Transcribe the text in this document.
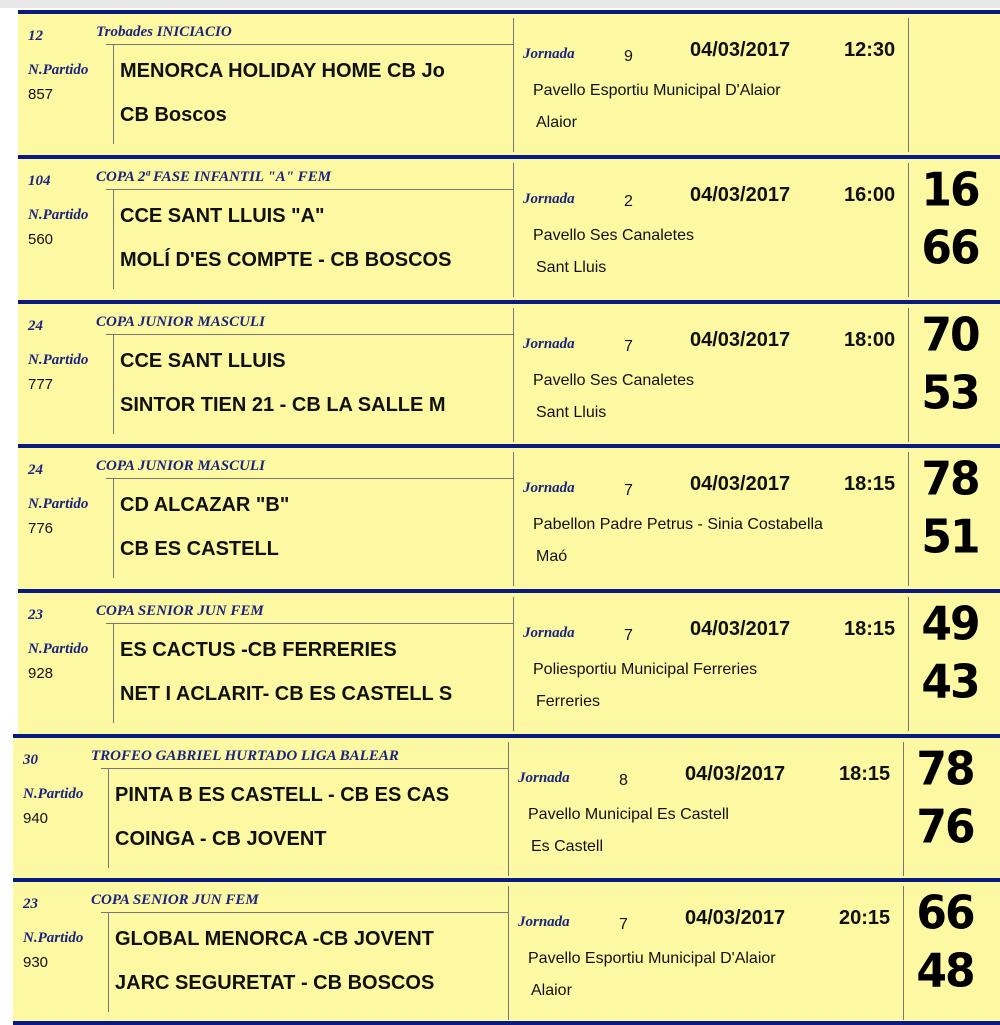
12	Trobades INICIACIO
N.Partido
857
MENORCA HOLIDAY HOME CB Jo
CB Boscos
Jornada	9	04/03/2017	12:30
Pavello Esportiu Municipal D'Alaior
Alaior
104	COPA 2ª FASE INFANTIL "A" FEM
N.Partido
560
CCE SANT LLUIS "A"
MOLÍ D'ES COMPTE - CB BOSCOS
Jornada	2	04/03/2017	16:00
Pavello Ses Canaletes
Sant Lluis
16
66
24	COPA JUNIOR MASCULI
N.Partido
777
CCE SANT LLUIS
SINTOR TIEN 21 - CB LA SALLE M
Jornada	7	04/03/2017	18:00
Pavello Ses Canaletes
Sant Lluis
70
53
24	COPA JUNIOR MASCULI
N.Partido
776
CD ALCAZAR "B"
CB ES CASTELL
Jornada	7	04/03/2017	18:15
Pabellon Padre Petrus - Sinia Costabella
Maó
78
51
23	COPA SENIOR JUN FEM
N.Partido
928
ES CACTUS -CB FERRERIES
NET I ACLARIT- CB ES CASTELL S
Jornada	7	04/03/2017	18:15
Poliesportiu Municipal Ferreries
Ferreries
49
43
30	TROFEO GABRIEL HURTADO LIGA BALEAR
N.Partido
940
PINTA B ES CASTELL - CB ES CAS
COINGA - CB JOVENT
Jornada	8	04/03/2017	18:15
Pavello Municipal Es Castell
Es Castell
78
76
23	COPA SENIOR JUN FEM
N.Partido
930
GLOBAL MENORCA -CB JOVENT
JARC SEGURETAT - CB BOSCOS
Jornada	7	04/03/2017	20:15
Pavello Esportiu Municipal D'Alaior
Alaior
66
48
